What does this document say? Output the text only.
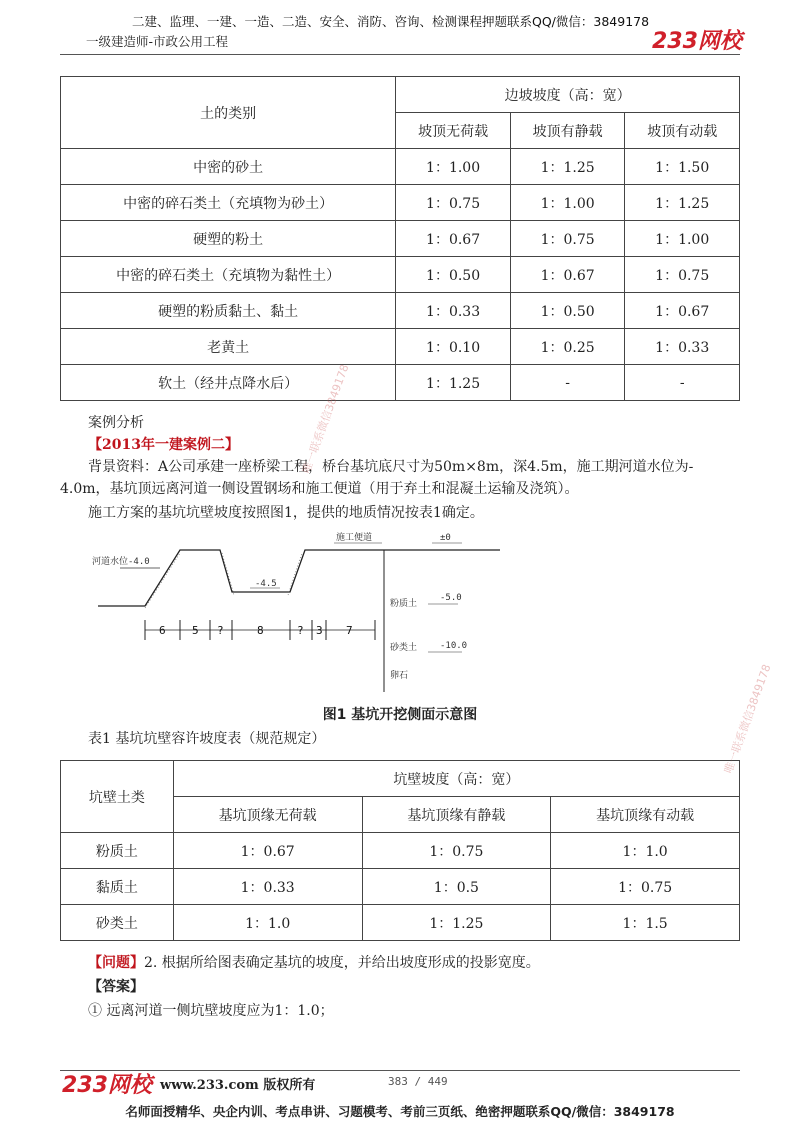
二建、监理、一建、一造、二造、安全、消防、咨询、检测课程押题联系QQ/微信：3849178
一级建造师-市政公用工程	233网校
土的类别	边坡坡度（高：宽）		
	坡顶无荷载	坡顶有静载	坡顶有动载
中密的砂土	1：1.00	1：1.25	1：1.50
中密的碎石类土（充填物为砂土）	1：0.75	1：1.00	1：1.25
硬塑的粉土	1：0.67	1：0.75	1：1.00
中密的碎石类土（充填物为黏性土）	1：0.50	1：0.67	1：0.75
硬塑的粉质黏土、黏土	1：0.33	1：0.50	1：0.67
老黄土	1：0.10	1：0.25	1：0.33
软土（经井点降水后）	1：1.25	-	-
案例分析
【2013年一建案例二】
背景资料：A公司承建一座桥梁工程，桥台基坑底尺寸为50m×8m，深4.5m，施工期河道水位为-
4.0m，基坑顶远离河道一侧设置钢场和施工便道（用于弃土和混凝土运输及浇筑）。
施工方案的基坑坑壁坡度按照图1，提供的地质情况按表1确定。
河道水位-4.0
-4.5
施工便道	±0
粉质土
-5.0
砂类土	-10.0
卵石
6 5 ?	8	? 3 7
图1 基坑开挖侧面示意图
表1 基坑坑壁容许坡度表（规范规定）
坑壁土类	坑壁坡度（高：宽）		
	基坑顶缘无荷载	基坑顶缘有静载	基坑顶缘有动载
粉质土	1：0.67	1：0.75	1：1.0
黏质土	1：0.33	1：0.5	1：0.75
砂类土	1：1.0	1：1.25	1：1.5
【问题】2. 根据所给图表确定基坑的坡度，并给出坡度形成的投影宽度。
【答案】
① 远离河道一侧坑壁坡度应为1：1.0；
唯一联系微信3849178
唯一联系微信3849178
233网校 www.233.com 版权所有	383 / 449
名师面授精华、央企内训、考点串讲、习题模考、考前三页纸、绝密押题联系QQ/微信：3849178
